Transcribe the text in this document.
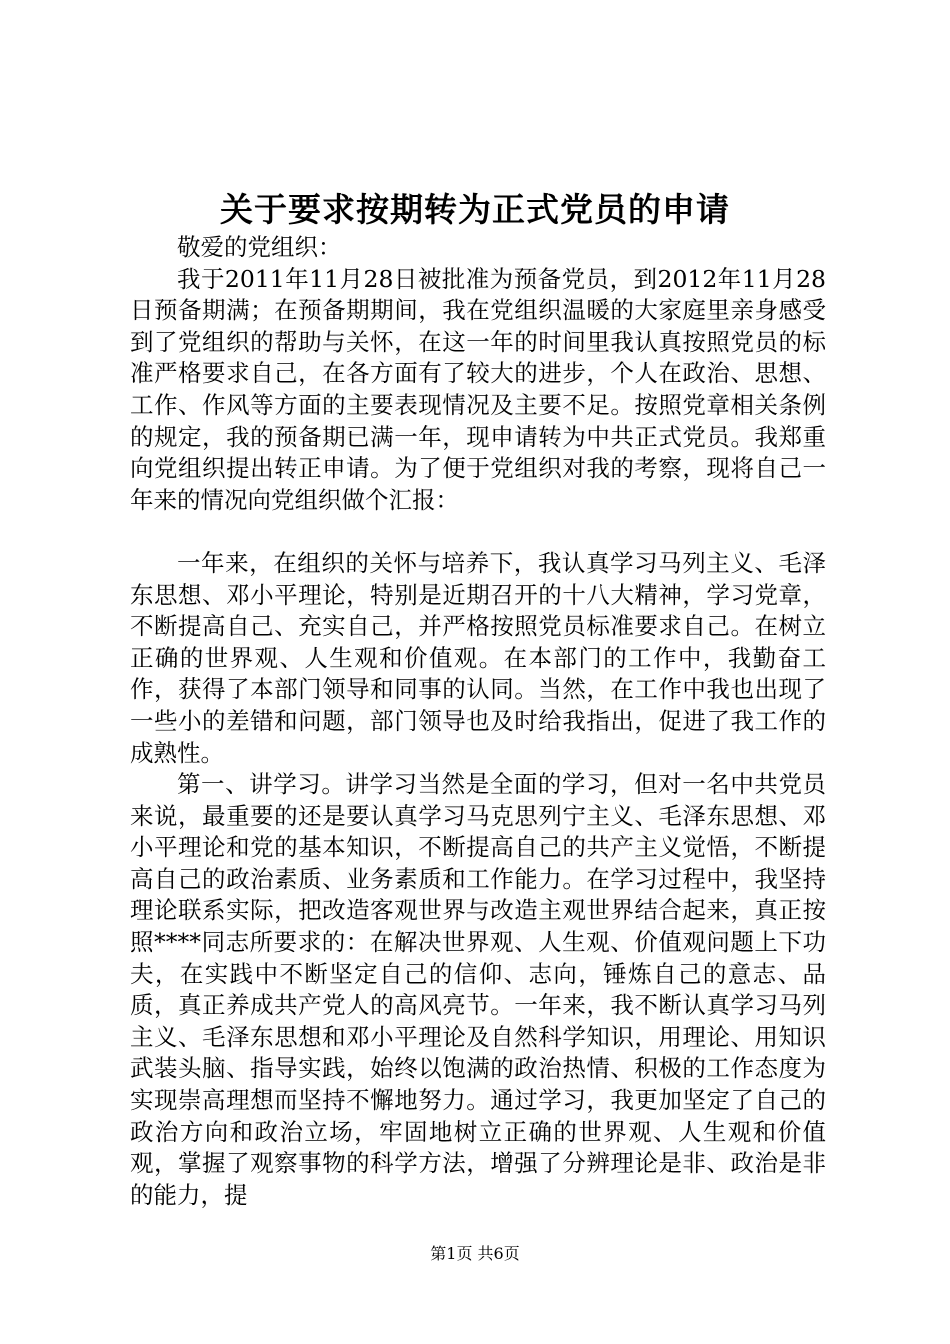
关于要求按期转为正式党员的申请

敬爱的党组织：

我于2011年11月28日被批准为预备党员，到2012年11月28日预备期满；在预备期期间，我在党组织温暖的大家庭里亲身感受到了党组织的帮助与关怀，在这一年的时间里我认真按照党员的标准严格要求自己，在各方面有了较大的进步，个人在政治、思想、工作、作风等方面的主要表现情况及主要不足。按照党章相关条例的规定，我的预备期已满一年，现申请转为中共正式党员。我郑重向党组织提出转正申请。为了便于党组织对我的考察，现将自己一年来的情况向党组织做个汇报：

一年来，在组织的关怀与培养下，我认真学习马列主义、毛泽东思想、邓小平理论，特别是近期召开的十八大精神，学习党章，不断提高自己、充实自己，并严格按照党员标准要求自己。在树立正确的世界观、人生观和价值观。在本部门的工作中，我勤奋工作，获得了本部门领导和同事的认同。当然，在工作中我也出现了一些小的差错和问题，部门领导也及时给我指出，促进了我工作的成熟性。

第一、讲学习。讲学习当然是全面的学习，但对一名中共党员来说，最重要的还是要认真学习马克思列宁主义、毛泽东思想、邓小平理论和党的基本知识，不断提高自己的共产主义觉悟，不断提高自己的政治素质、业务素质和工作能力。在学习过程中，我坚持理论联系实际，把改造客观世界与改造主观世界结合起来，真正按照****同志所要求的：在解决世界观、人生观、价值观问题上下功夫，在实践中不断坚定自己的信仰、志向，锤炼自己的意志、品质，真正养成共产党人的高风亮节。一年来，我不断认真学习马列主义、毛泽东思想和邓小平理论及自然科学知识，用理论、用知识武装头脑、指导实践，始终以饱满的政治热情、积极的工作态度为实现崇高理想而坚持不懈地努力。通过学习，我更加坚定了自己的政治方向和政治立场，牢固地树立正确的世界观、人生观和价值观，掌握了观察事物的科学方法，增强了分辨理论是非、政治是非的能力，提

第1页 共6页
